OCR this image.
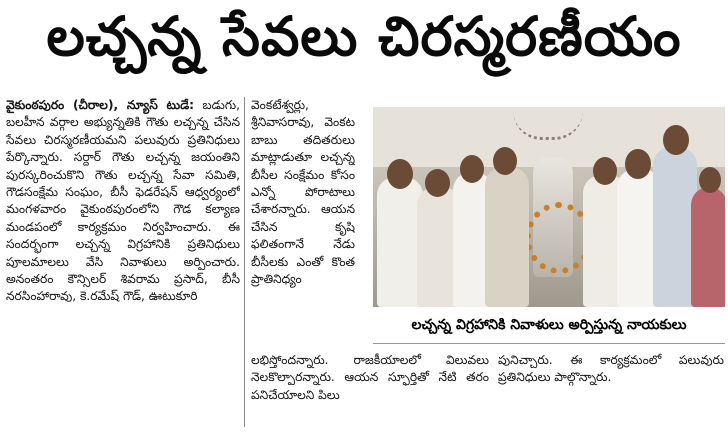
లచ్చన్న సేవలు చిరస్మరణీయం
వైకుంఠపురం (చీరాల), న్యూస్ టుడే: బడుగు, బలహీన వర్గాల అభ్యున్నతికి గౌతు లచ్చన్న చేసిన సేవలు చిరస్మరణీయమని పలువురు ప్రతినిధులు పేర్కొన్నారు. సర్దార్ గౌతు లచ్చన్న జయంతిని పురస్కరించుకొని గౌతు లచ్చన్న సేవా సమితి, గౌడసంక్షేమ సంఘం, బీసీ ఫెడరేషన్ ఆధ్వర్యంలో మంగళవారం వైకుంఠపురంలోని గౌడ కల్యాణ మండపంలో కార్యక్రమం నిర్వహించారు. ఈ సందర్భంగా లచ్చన్న విగ్రహానికి ప్రతినిధులు పూలమాలలు వేసి నివాళులు అర్పించారు. అనంతరం కౌన్సిలర్ శివరామ ప్రసాద్, బీసీ నరసింహారావు, కె.రమేష్ గౌడ్, ఊటుకూరి
వెంకటేశ్వర్లు, శ్రీనివాసరావు, వెంకట బాబు తదితరులు మాట్లాడుతూ లచ్చన్న బీసీల సంక్షేమం కోసం ఎన్నో పోరాటాలు చేశారన్నారు. ఆయన చేసిన కృషి ఫలితంగానే నేడు బీసీలకు ఎంతో కొంత ప్రాతినిధ్యం
లచ్చన్న విగ్రహానికి నివాళులు అర్పిస్తున్న నాయకులు
లభిస్తోందన్నారు. రాజకీయాలలో విలువలు నెలకొల్పారన్నారు. ఆయన స్ఫూర్తితో నేటి తరం పనిచేయాలని పిలు
పునిచ్చారు. ఈ కార్యక్రమంలో పలువురు ప్రతినిధులు పాల్గొన్నారు.
